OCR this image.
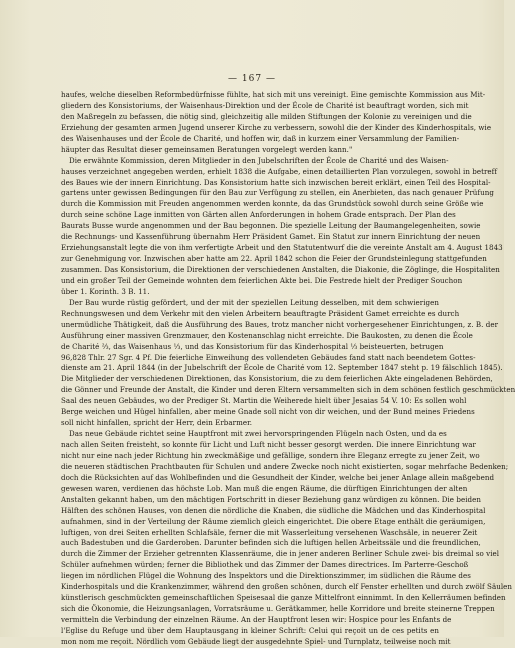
— 167 —
haufes, welche dieselben Reformbedürfnisse fühlte, hat sich mit uns vereinigt. Eine gemischte Kommission aus Mit-
gliedern des Konsistoriums, der Waisenhaus-Direktion und der École de Charité ist beauftragt worden, sich mit
den Maßregeln zu befassen, die nötig sind, gleichzeitig alle milden Stiftungen der Kolonie zu vereinigen und die
Erziehung der gesamten armen Jugend unserer Kirche zu verbessern, sowohl die der Kinder des Kinderhospitals, wie
des Waisenhauses und der École de Charité, und hoffen wir, daß in kurzem einer Versammlung der Familien-
häupter das Resultat dieser gemeinsamen Beratungen vorgelegt werden kann."
Die erwähnte Kommission, deren Mitglieder in den Jubelschriften der École de Charité und des Waisen-
hauses verzeichnet angegeben werden, erhielt 1838 die Aufgabe, einen detaillierten Plan vorzulegen, sowohl in betreff
des Baues wie der innern Einrichtung. Das Konsistorium hatte sich inzwischen bereit erklärt, einen Teil des Hospital-
gartens unter gewissen Bedingungen für den Bau zur Verfügung zu stellen, ein Anerbieten, das nach genauer Prüfung
durch die Kommission mit Freuden angenommen werden konnte, da das Grundstück sowohl durch seine Größe wie
durch seine schöne Lage inmitten von Gärten allen Anforderungen in hohem Grade entsprach. Der Plan des
Baurats Busse wurde angenommen und der Bau begonnen. Die spezielle Leitung der Baumangelegenheiten, sowie
die Rechnungs- und Kassenführung übernahm Herr Präsident Gamet. Ein Statut zur innern Einrichtung der neuen
Erziehungsanstalt legte die von ihm verfertigte Arbeit und den Statutentwurf die die vereinte Anstalt am 4. August 1843
zur Genehmigung vor. Inzwischen aber hatte am 22. April 1842 schon die Feier der Grundsteinlegung stattgefunden
zusammen. Das Konsistorium, die Direktionen der verschiedenen Anstalten, die Diakonie, die Zöglinge, die Hospitaliten
und ein großer Teil der Gemeinde wohnten dem feierlichen Akte bei. Die Festrede hielt der Prediger Souchon
über 1. Korinth. 3 B. 11.
Der Bau wurde rüstig gefördert, und der mit der speziellen Leitung desselben, mit dem schwierigen
Rechnungswesen und dem Verkehr mit den vielen Arbeitern beauftragte Präsident Gamet erreichte es durch
unermüdliche Thätigkeit, daß die Ausführung des Baues, trotz mancher nicht vorhergesehener Einrichtungen, z. B. der
Ausführung einer massiven Grenzmauer, den Kostenanschlag nicht erreichte. Die Baukosten, zu denen die École
de Charité ⅔, das Waisenhaus ⅓, und das Konsistorium für das Kinderhospital ⅓ beisteuerten, betrugen
96,828 Thlr. 27 Sgr. 4 Pf. Die feierliche Einweihung des vollendeten Gebäudes fand statt nach beendetem Gottes-
dienste am 21. April 1844 (in der Jubelschrift der École de Charité vom 12. September 1847 steht p. 19 fälschlich 1845).
Die Mitglieder der verschiedenen Direktionen, das Konsistorium, die zu dem feierlichen Akte eingeladenen Behörden,
die Gönner und Freunde der Anstalt, die Kinder und deren Eltern versammelten sich in dem schönen festlich geschmückten
Saal des neuen Gebäudes, wo der Prediger St. Martin die Weiherede hielt über Jesaias 54 V. 10: Es sollen wohl
Berge weichen und Hügel hinfallen, aber meine Gnade soll nicht von dir weichen, und der Bund meines Friedens
soll nicht hinfallen, spricht der Herr, dein Erbarmer.
Das neue Gebäude richtet seine Hauptfront mit zwei hervorspringenden Flügeln nach Osten, und da es
nach allen Seiten freisteht, so konnte für Licht und Luft nicht besser gesorgt werden. Die innere Einrichtung war
nicht nur eine nach jeder Richtung hin zweckmäßige und gefällige, sondern ihre Eleganz erregte zu jener Zeit, wo
die neueren städtischen Prachtbauten für Schulen und andere Zwecke noch nicht existierten, sogar mehrfache Bedenken;
doch die Rücksichten auf das Wohlbefinden und die Gesundheit der Kinder, welche bei jener Anlage allein maßgebend
gewesen waren, verdienen das höchste Lob. Man muß die engen Räume, die dürftigen Einrichtungen der alten
Anstalten gekannt haben, um den mächtigen Fortschritt in dieser Beziehung ganz würdigen zu können. Die beiden
Hälften des schönen Hauses, von denen die nördliche die Knaben, die südliche die Mädchen und das Kinderhospital
aufnahmen, sind in der Verteilung der Räume ziemlich gleich eingerichtet. Die obere Etage enthält die geräumigen,
luftigen, von drei Seiten erhellten Schlafsäle, ferner die mit Wasserleitung versehenen Waschsäle, in neuerer Zeit
auch Badestuben und die Garderoben. Darunter befinden sich die luftigen hellen Arbeitssäle und die freundlichen,
durch die Zimmer der Erzieher getrennten Klassenräume, die in jener anderen Berliner Schule zwei- bis dreimal so viel
Schüler aufnehmen würden; ferner die Bibliothek und das Zimmer der Dames directrices. Im Parterre-Geschoß
liegen im nördlichen Flügel die Wohnung des Inspektors und die Direktionszimmer, im südlichen die Räume des
Kinderhospitals und die Krankenzimmer, während den großen schönen, durch elf Fenster erhellten und durch zwölf Säulen
künstlerisch geschmückten gemeinschaftlichen Speisesaal die ganze Mittelfront einnimmt. In den Kellerräumen befinden
sich die Ökonomie, die Heizungsanlagen, Vorratsräume u. Gerätkammer, helle Korridore und breite steinerne Treppen
vermitteln die Verbindung der einzelnen Räume. An der Hauptfront lesen wir: Hospice pour les Enfants de
l'Eglise du Refuge und über dem Hauptausgang in kleiner Schrift: Celui qui reçoit un de ces petits en
mon nom me reçoit. Nördlich vom Gebäude liegt der ausgedehnte Spiel- und Turnplatz, teilweise noch mit
